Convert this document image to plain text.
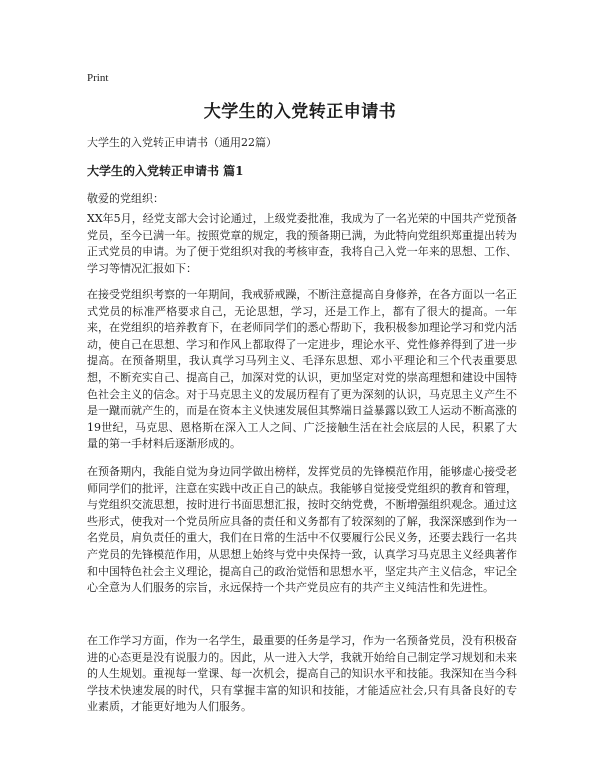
Print
大学生的入党转正申请书
大学生的入党转正申请书（通用22篇）
大学生的入党转正申请书 篇1
敬爱的党组织：

XX年5月，经党支部大会讨论通过，上级党委批准，我成为了一名光荣的中国共产党预备党员，至今已满一年。按照党章的规定，我的预备期已满，为此特向党组织郑重提出转为正式党员的申请。为了便于党组织对我的考核审查，我将自己入党一年来的思想、工作、学习等情况汇报如下：

在接受党组织考察的一年期间，我戒骄戒躁，不断注意提高自身修养，在各方面以一名正式党员的标准严格要求自己，无论思想，学习，还是工作上，都有了很大的提高。一年来，在党组织的培养教育下，在老师同学们的悉心帮助下，我积极参加理论学习和党内活动，使自己在思想、学习和作风上都取得了一定进步，理论水平、党性修养得到了进一步提高。在预备期里，我认真学习马列主义、毛泽东思想、邓小平理论和三个代表重要思想，不断充实自己、提高自己，加深对党的认识，更加坚定对党的崇高理想和建设中国特色社会主义的信念。对于马克思主义的发展历程有了更为深刻的认识，马克思主义产生不是一蹴而就产生的，而是在资本主义快速发展但其弊端日益暴露以致工人运动不断高涨的19世纪，马克思、恩格斯在深入工人之间、广泛接触生活在社会底层的人民，积累了大量的第一手材料后逐渐形成的。

在预备期内，我能自觉为身边同学做出榜样，发挥党员的先锋模范作用，能够虚心接受老师同学们的批评，注意在实践中改正自己的缺点。我能够自觉接受党组织的教育和管理，与党组织交流思想，按时进行书面思想汇报，按时交纳党费，不断增强组织观念。通过这些形式，使我对一个党员所应具备的责任和义务都有了较深刻的了解，我深深感到作为一名党员，肩负责任的重大，我们在日常的生活中不仅要履行公民义务，还要去践行一名共产党员的先锋模范作用，从思想上始终与党中央保持一致，认真学习马克思主义经典著作和中国特色社会主义理论，提高自己的政治觉悟和思想水平，坚定共产主义信念，牢记全心全意为人们服务的宗旨，永远保持一个共产党员应有的共产主义纯洁性和先进性。

在工作学习方面，作为一名学生，最重要的任务是学习，作为一名预备党员，没有积极奋进的心态更是没有说服力的。因此，从一进入大学，我就开始给自己制定学习规划和未来的人生规划。重视每一堂课、每一次机会，提高自己的知识水平和技能。我深知在当今科学技术快速发展的时代，只有掌握丰富的知识和技能，才能适应社会,只有具备良好的专业素质，才能更好地为人们服务。
